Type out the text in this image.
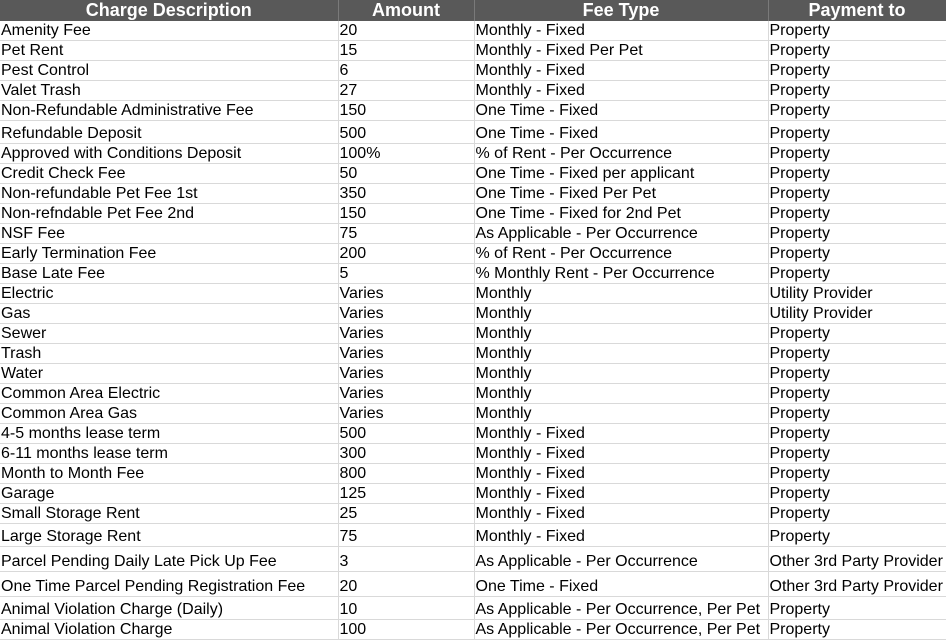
Charge Description	Amount	Fee Type	Payment to
Amenity Fee	20	Monthly - Fixed	Property
Pet Rent	15	Monthly - Fixed Per Pet	Property
Pest Control	6	Monthly - Fixed	Property
Valet Trash	27	Monthly - Fixed	Property
Non-Refundable Administrative Fee	150	One Time - Fixed	Property
Refundable Deposit	500	One Time - Fixed	Property
Approved with Conditions Deposit	100%	% of Rent - Per Occurrence	Property
Credit Check Fee	50	One Time - Fixed per applicant	Property
Non-refundable Pet Fee 1st	350	One Time - Fixed Per Pet	Property
Non-refndable Pet Fee 2nd	150	One Time - Fixed for 2nd Pet	Property
NSF Fee	75	As Applicable - Per Occurrence	Property
Early Termination Fee	200	% of Rent - Per Occurrence	Property
Base Late Fee	5	% Monthly Rent - Per Occurrence	Property
Electric	Varies	Monthly	Utility Provider
Gas	Varies	Monthly	Utility Provider
Sewer	Varies	Monthly	Property
Trash	Varies	Monthly	Property
Water	Varies	Monthly	Property
Common Area Electric	Varies	Monthly	Property
Common Area Gas	Varies	Monthly	Property
4-5 months lease term	500	Monthly - Fixed	Property
6-11 months lease term	300	Monthly - Fixed	Property
Month to Month Fee	800	Monthly - Fixed	Property
Garage	125	Monthly - Fixed	Property
Small Storage Rent	25	Monthly - Fixed	Property
Large Storage Rent	75	Monthly - Fixed	Property
Parcel Pending Daily Late Pick Up Fee	3	As Applicable - Per Occurrence	Other 3rd Party Provider
One Time Parcel Pending Registration Fee	20	One Time - Fixed	Other 3rd Party Provider
Animal Violation Charge (Daily)	10	As Applicable - Per Occurrence, Per Pet	Property
Animal Violation Charge	100	As Applicable - Per Occurrence, Per Pet	Property
